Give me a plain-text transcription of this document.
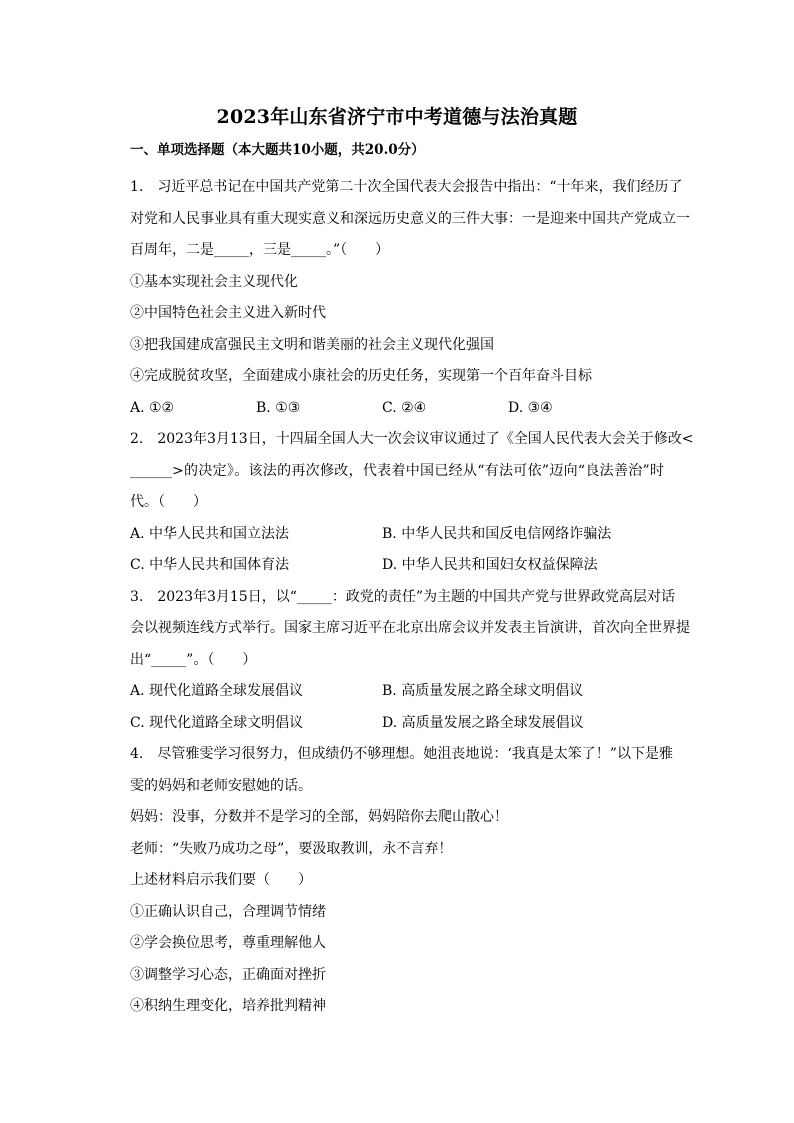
2023年山东省济宁市中考道德与法治真题
一、单项选择题（本大题共10小题，共20.0分）
1.　习近平总书记在中国共产党第二十次全国代表大会报告中指出：“十年来，我们经历了
对党和人民事业具有重大现实意义和深远历史意义的三件大事：一是迎来中国共产党成立一
百周年，二是_____，三是_____。”（　　）
①基本实现社会主义现代化
②中国特色社会主义进入新时代
③把我国建成富强民主文明和谐美丽的社会主义现代化强国
④完成脱贫攻坚，全面建成小康社会的历史任务，实现第一个百年奋斗目标
A. ①②	B. ①③	C. ②④	D. ③④
2.　2023年3月13日，十四届全国人大一次会议审议通过了《全国人民代表大会关于修改<
______>的决定》。该法的再次修改，代表着中国已经从“有法可依”迈向“良法善治”时
代。（　　）
A. 中华人民共和国立法法	B. 中华人民共和国反电信网络诈骗法
C. 中华人民共和国体育法	D. 中华人民共和国妇女权益保障法
3.　2023年3月15日，以“_____：政党的责任”为主题的中国共产党与世界政党高层对话
会以视频连线方式举行。国家主席习近平在北京出席会议并发表主旨演讲，首次向全世界提
出“_____”。（　　）
A. 现代化道路全球发展倡议	B. 高质量发展之路全球文明倡议
C. 现代化道路全球文明倡议	D. 高质量发展之路全球发展倡议
4.　尽管雅雯学习很努力，但成绩仍不够理想。她沮丧地说：‘我真是太笨了！”以下是雅
雯的妈妈和老师安慰她的话。
妈妈：没事，分数并不是学习的全部，妈妈陪你去爬山散心！
老师：“失败乃成功之母”，要汲取教训，永不言弃！
上述材料启示我们要（　　）
①正确认识自己，合理调节情绪
②学会换位思考，尊重理解他人
③调整学习心态，正确面对挫折
④积纳生理变化，培养批判精神
